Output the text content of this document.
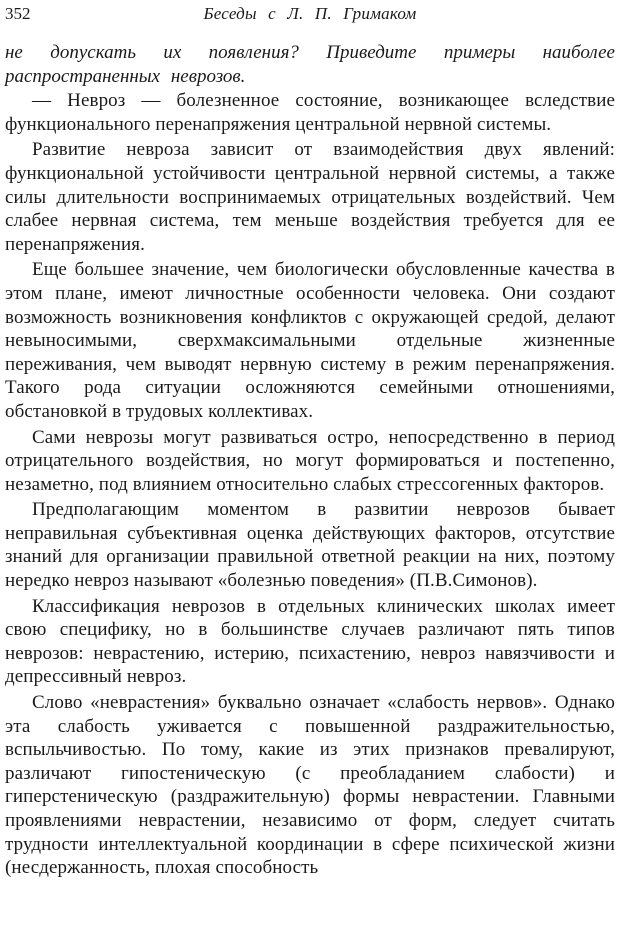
352	Беседы с Л. П. Гримаком

не допускать их появления? Приведите примеры наиболее распространенных неврозов.

— Невроз — болезненное состояние, возникающее вследствие функционального перенапряжения центральной нервной системы.

Развитие невроза зависит от взаимодействия двух явлений: функциональной устойчивости центральной нервной системы, а также силы длительности воспринимаемых отрицательных воздействий. Чем слабее нервная система, тем меньше воздействия требуется для ее перенапряжения.

Еще большее значение, чем биологически обусловленные качества в этом плане, имеют личностные особенности человека. Они создают возможность возникновения конфликтов с окружающей средой, делают невыносимыми, сверхмаксимальными отдельные жизненные переживания, чем выводят нервную систему в режим перенапряжения. Такого рода ситуации осложняются семейными отношениями, обстановкой в трудовых коллективах.

Сами неврозы могут развиваться остро, непосредственно в период отрицательного воздействия, но могут формироваться и постепенно, незаметно, под влиянием относительно слабых стрессогенных факторов.

Предполагающим моментом в развитии неврозов бывает неправильная субъективная оценка действующих факторов, отсутствие знаний для организации правильной ответной реакции на них, поэтому нередко невроз называют «болезнью поведения» (П.В.Симонов).

Классификация неврозов в отдельных клинических школах имеет свою специфику, но в большинстве случаев различают пять типов неврозов: неврастению, истерию, психастению, невроз навязчивости и депрессивный невроз.

Слово «неврастения» буквально означает «слабость нервов». Однако эта слабость уживается с повышенной раздражительностью, вспыльчивостью. По тому, какие из этих признаков превалируют, различают гипостеническую (с преобладанием слабости) и гиперстеническую (раздражительную) формы неврастении. Главными проявлениями неврастении, независимо от форм, следует считать трудности интеллектуальной координации в сфере психической жизни (несдержанность, плохая способность
